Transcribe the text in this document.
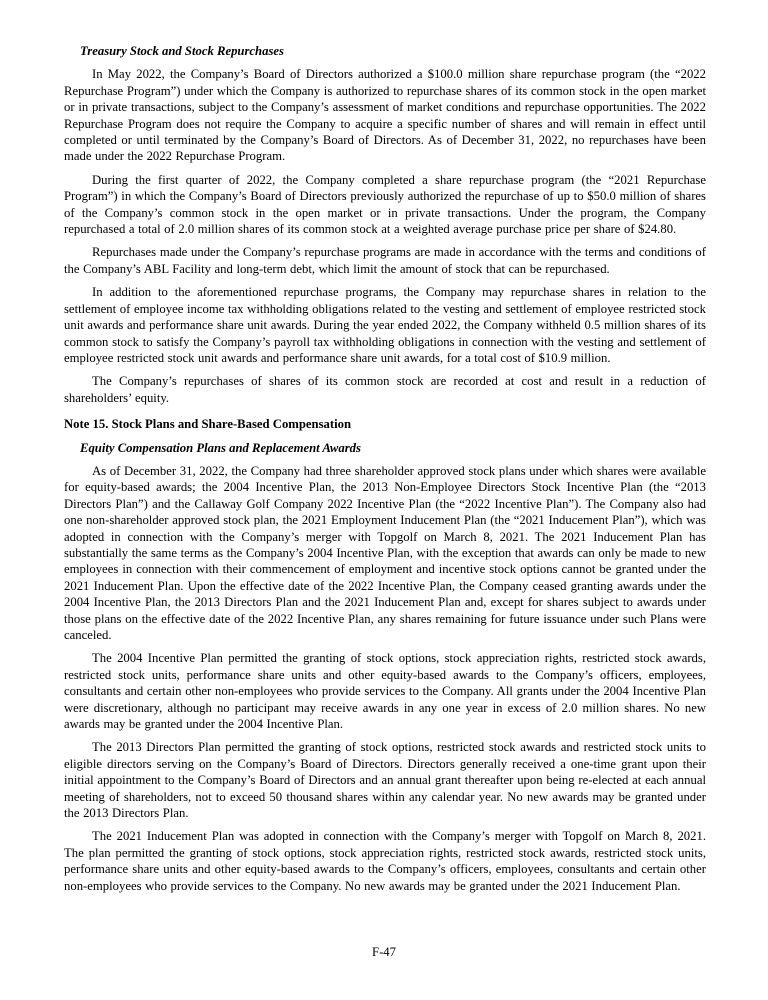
Treasury Stock and Stock Repurchases

In May 2022, the Company’s Board of Directors authorized a $100.0 million share repurchase program (the “2022 Repurchase Program”) under which the Company is authorized to repurchase shares of its common stock in the open market or in private transactions, subject to the Company’s assessment of market conditions and repurchase opportunities. The 2022 Repurchase Program does not require the Company to acquire a specific number of shares and will remain in effect until completed or until terminated by the Company’s Board of Directors. As of December 31, 2022, no repurchases have been made under the 2022 Repurchase Program.

During the first quarter of 2022, the Company completed a share repurchase program (the “2021 Repurchase Program”) in which the Company’s Board of Directors previously authorized the repurchase of up to $50.0 million of shares of the Company’s common stock in the open market or in private transactions. Under the program, the Company repurchased a total of 2.0 million shares of its common stock at a weighted average purchase price per share of $24.80.

Repurchases made under the Company’s repurchase programs are made in accordance with the terms and conditions of the Company’s ABL Facility and long-term debt, which limit the amount of stock that can be repurchased.

In addition to the aforementioned repurchase programs, the Company may repurchase shares in relation to the settlement of employee income tax withholding obligations related to the vesting and settlement of employee restricted stock unit awards and performance share unit awards. During the year ended 2022, the Company withheld 0.5 million shares of its common stock to satisfy the Company’s payroll tax withholding obligations in connection with the vesting and settlement of employee restricted stock unit awards and performance share unit awards, for a total cost of $10.9 million.

The Company’s repurchases of shares of its common stock are recorded at cost and result in a reduction of shareholders’ equity.

Note 15. Stock Plans and Share-Based Compensation
Equity Compensation Plans and Replacement Awards

As of December 31, 2022, the Company had three shareholder approved stock plans under which shares were available for equity-based awards; the 2004 Incentive Plan, the 2013 Non-Employee Directors Stock Incentive Plan (the “2013 Directors Plan”) and the Callaway Golf Company 2022 Incentive Plan (the “2022 Incentive Plan”). The Company also had one non-shareholder approved stock plan, the 2021 Employment Inducement Plan (the “2021 Inducement Plan”), which was adopted in connection with the Company’s merger with Topgolf on March 8, 2021. The 2021 Inducement Plan has substantially the same terms as the Company’s 2004 Incentive Plan, with the exception that awards can only be made to new employees in connection with their commencement of employment and incentive stock options cannot be granted under the 2021 Inducement Plan. Upon the effective date of the 2022 Incentive Plan, the Company ceased granting awards under the 2004 Incentive Plan, the 2013 Directors Plan and the 2021 Inducement Plan and, except for shares subject to awards under those plans on the effective date of the 2022 Incentive Plan, any shares remaining for future issuance under such Plans were canceled.

The 2004 Incentive Plan permitted the granting of stock options, stock appreciation rights, restricted stock awards, restricted stock units, performance share units and other equity-based awards to the Company’s officers, employees, consultants and certain other non-employees who provide services to the Company. All grants under the 2004 Incentive Plan were discretionary, although no participant may receive awards in any one year in excess of 2.0 million shares. No new awards may be granted under the 2004 Incentive Plan.

The 2013 Directors Plan permitted the granting of stock options, restricted stock awards and restricted stock units to eligible directors serving on the Company’s Board of Directors. Directors generally received a one-time grant upon their initial appointment to the Company’s Board of Directors and an annual grant thereafter upon being re-elected at each annual meeting of shareholders, not to exceed 50 thousand shares within any calendar year. No new awards may be granted under the 2013 Directors Plan.

The 2021 Inducement Plan was adopted in connection with the Company’s merger with Topgolf on March 8, 2021. The plan permitted the granting of stock options, stock appreciation rights, restricted stock awards, restricted stock units, performance share units and other equity-based awards to the Company’s officers, employees, consultants and certain other non-employees who provide services to the Company. No new awards may be granted under the 2021 Inducement Plan.

F-47
